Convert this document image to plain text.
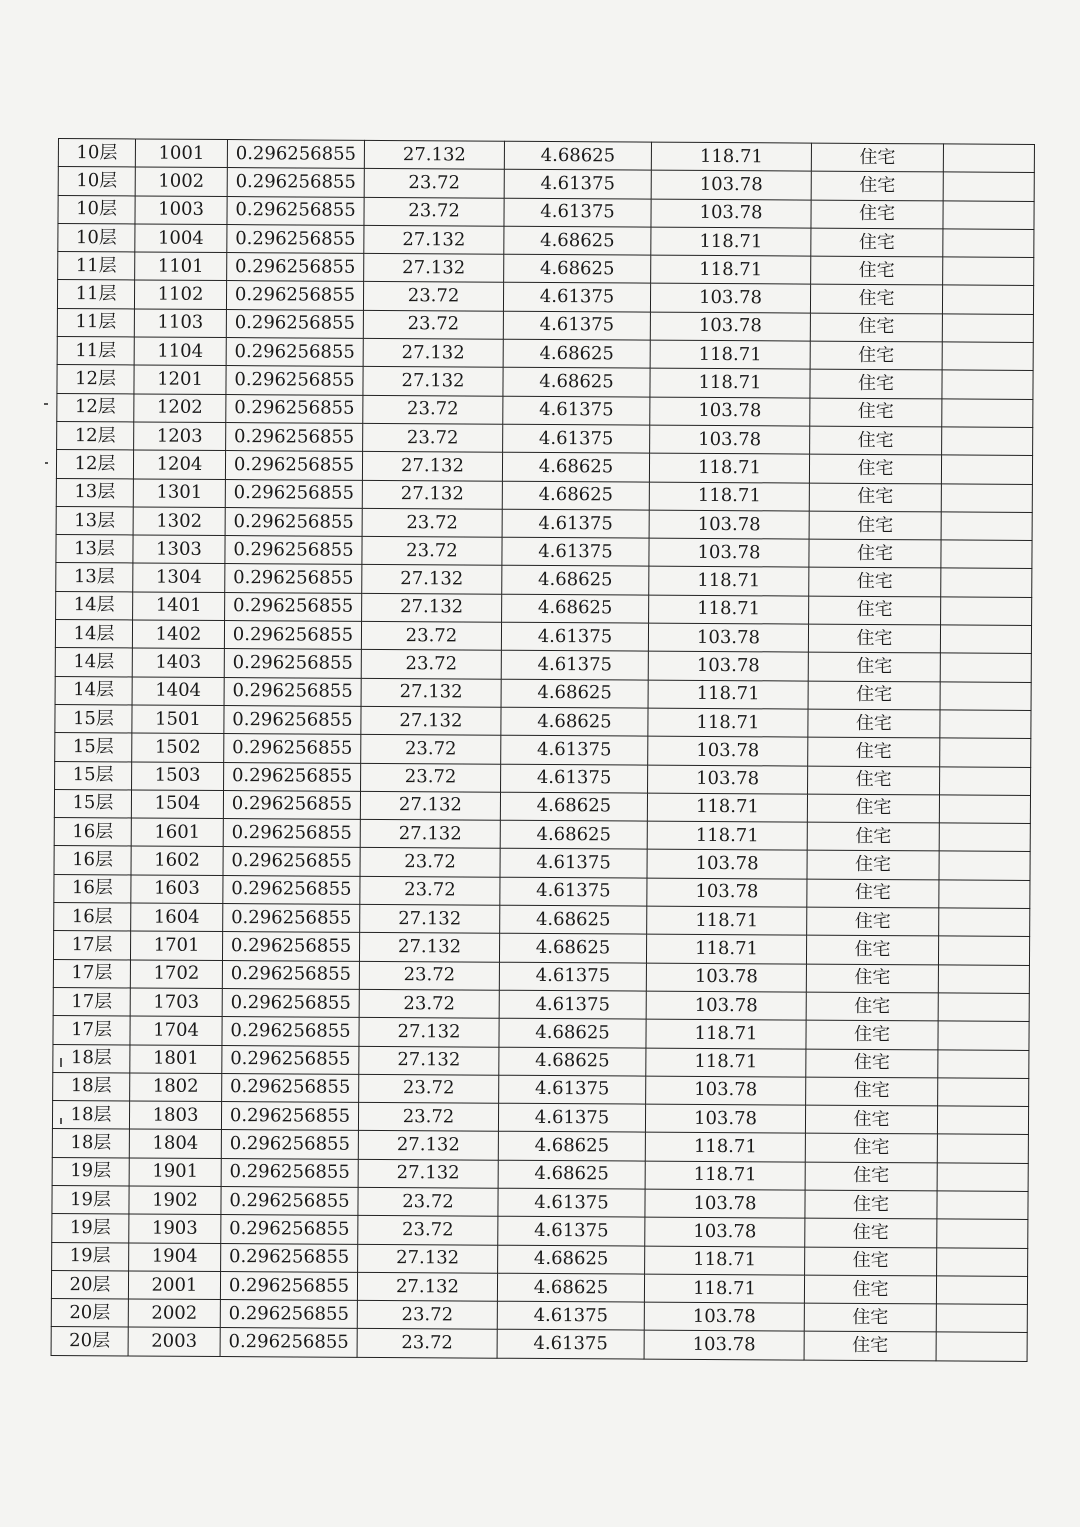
10层	1001	0.296256855	27.132	4.68625	118.71	住宅	
10层	1002	0.296256855	23.72	4.61375	103.78	住宅	
10层	1003	0.296256855	23.72	4.61375	103.78	住宅	
10层	1004	0.296256855	27.132	4.68625	118.71	住宅	
11层	1101	0.296256855	27.132	4.68625	118.71	住宅	
11层	1102	0.296256855	23.72	4.61375	103.78	住宅	
11层	1103	0.296256855	23.72	4.61375	103.78	住宅	
11层	1104	0.296256855	27.132	4.68625	118.71	住宅	
12层	1201	0.296256855	27.132	4.68625	118.71	住宅	
12层	1202	0.296256855	23.72	4.61375	103.78	住宅	
12层	1203	0.296256855	23.72	4.61375	103.78	住宅	
12层	1204	0.296256855	27.132	4.68625	118.71	住宅	
13层	1301	0.296256855	27.132	4.68625	118.71	住宅	
13层	1302	0.296256855	23.72	4.61375	103.78	住宅	
13层	1303	0.296256855	23.72	4.61375	103.78	住宅	
13层	1304	0.296256855	27.132	4.68625	118.71	住宅	
14层	1401	0.296256855	27.132	4.68625	118.71	住宅	
14层	1402	0.296256855	23.72	4.61375	103.78	住宅	
14层	1403	0.296256855	23.72	4.61375	103.78	住宅	
14层	1404	0.296256855	27.132	4.68625	118.71	住宅	
15层	1501	0.296256855	27.132	4.68625	118.71	住宅	
15层	1502	0.296256855	23.72	4.61375	103.78	住宅	
15层	1503	0.296256855	23.72	4.61375	103.78	住宅	
15层	1504	0.296256855	27.132	4.68625	118.71	住宅	
16层	1601	0.296256855	27.132	4.68625	118.71	住宅	
16层	1602	0.296256855	23.72	4.61375	103.78	住宅	
16层	1603	0.296256855	23.72	4.61375	103.78	住宅	
16层	1604	0.296256855	27.132	4.68625	118.71	住宅	
17层	1701	0.296256855	27.132	4.68625	118.71	住宅	
17层	1702	0.296256855	23.72	4.61375	103.78	住宅	
17层	1703	0.296256855	23.72	4.61375	103.78	住宅	
17层	1704	0.296256855	27.132	4.68625	118.71	住宅	
18层	1801	0.296256855	27.132	4.68625	118.71	住宅	
18层	1802	0.296256855	23.72	4.61375	103.78	住宅	
18层	1803	0.296256855	23.72	4.61375	103.78	住宅	
18层	1804	0.296256855	27.132	4.68625	118.71	住宅	
19层	1901	0.296256855	27.132	4.68625	118.71	住宅	
19层	1902	0.296256855	23.72	4.61375	103.78	住宅	
19层	1903	0.296256855	23.72	4.61375	103.78	住宅	
19层	1904	0.296256855	27.132	4.68625	118.71	住宅	
20层	2001	0.296256855	27.132	4.68625	118.71	住宅	
20层	2002	0.296256855	23.72	4.61375	103.78	住宅	
20层	2003	0.296256855	23.72	4.61375	103.78	住宅	
